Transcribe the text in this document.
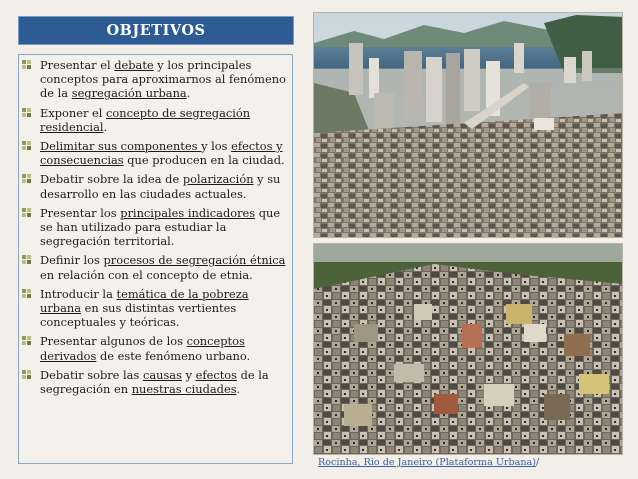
OBJETIVOS
Presentar el debate y los principales conceptos para aproximarnos al fenómeno de la segregación urbana.
Exponer el concepto de segregación residencial.
Delimitar sus componentes y los efectos y consecuencias que producen en la ciudad.
Debatir sobre la idea de polarización y su desarrollo en las ciudades actuales.
Presentar los principales indicadores que se han utilizado para estudiar la segregación territorial.
Definir los procesos de segregación étnica en relación con el concepto de etnia.
Introducir la temática de la pobreza urbana en sus distintas vertientes conceptuales y teóricas.
Presentar algunos de los conceptos derivados de este fenómeno urbano.
Debatir sobre las causas y efectos de la segregación en nuestras ciudades.
Rocinha, Rio de Janeiro (Plataforma Urbana)/
